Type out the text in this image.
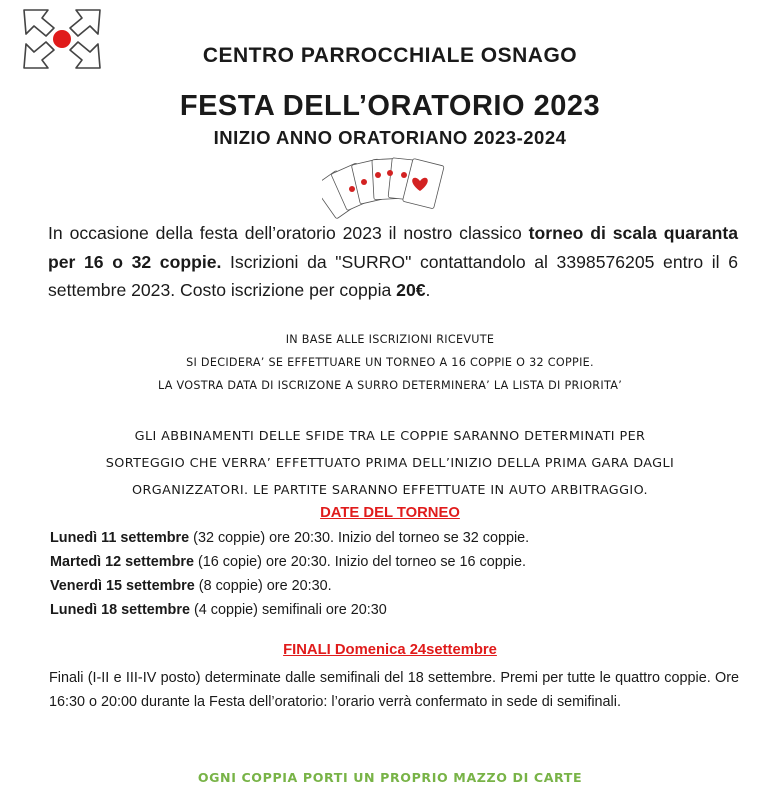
CENTRO PARROCCHIALE OSNAGO
FESTA DELL’ORATORIO 2023
INIZIO ANNO ORATORIANO 2023-2024
In occasione della festa dell’oratorio 2023 il nostro classico torneo di scala quaranta per 16 o 32 coppie. Iscrizioni da "SURRO" contattandolo al 3398576205 entro il 6 settembre 2023. Costo iscrizione per coppia 20€.
IN BASE ALLE ISCRIZIONI RICEVUTE
SI DECIDERA’ SE EFFETTUARE UN TORNEO A 16 COPPIE O 32 COPPIE.
LA VOSTRA DATA DI ISCRIZONE A SURRO DETERMINERA’ LA LISTA DI PRIORITA’
GLI ABBINAMENTI DELLE SFIDE TRA LE COPPIE SARANNO DETERMINATI PER
SORTEGGIO CHE VERRA’ EFFETTUATO PRIMA DELL’INIZIO DELLA PRIMA GARA DAGLI
ORGANIZZATORI. LE PARTITE SARANNO EFFETTUATE IN AUTO ARBITRAGGIO.
DATE DEL TORNEO
Lunedì 11 settembre (32 coppie) ore 20:30. Inizio del torneo se 32 coppie.
Martedì 12 settembre (16 copie) ore 20:30. Inizio del torneo se 16 coppie.
Venerdì 15 settembre (8 coppie) ore 20:30.
Lunedì 18 settembre (4 coppie) semifinali ore 20:30
FINALI Domenica 24settembre
Finali (I-II e III-IV posto) determinate dalle semifinali del 18 settembre. Premi per tutte le quattro coppie. Ore 16:30 o 20:00 durante la Festa dell’oratorio: l’orario verrà confermato in sede di semifinali.
OGNI COPPIA PORTI UN PROPRIO MAZZO DI CARTE
